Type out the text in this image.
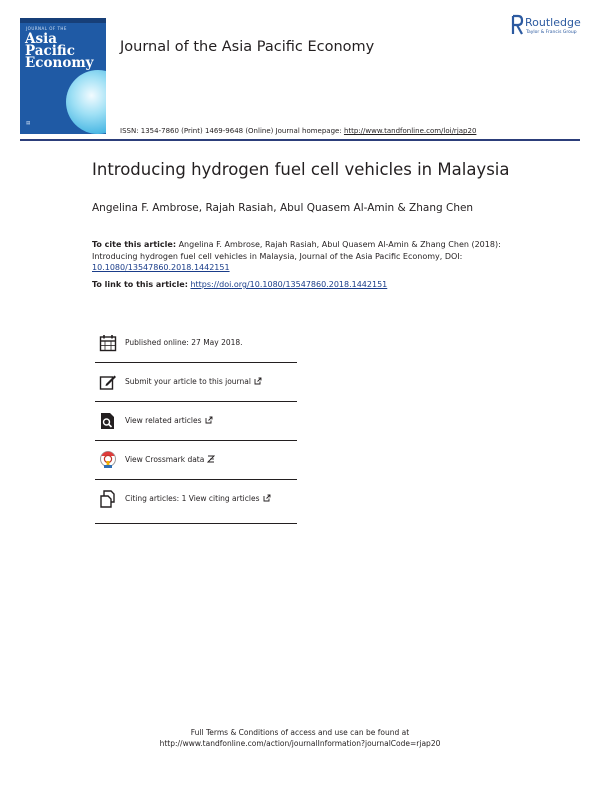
JOURNAL OF THE
Asia Pacific
Economy
▤
Journal of the Asia Pacific Economy
Routledge
Taylor & Francis Group
ISSN: 1354-7860 (Print) 1469-9648 (Online) Journal homepage: http://www.tandfonline.com/loi/rjap20
Introducing hydrogen fuel cell vehicles in Malaysia
Angelina F. Ambrose, Rajah Rasiah, Abul Quasem Al-Amin & Zhang Chen
To cite this article: Angelina F. Ambrose, Rajah Rasiah, Abul Quasem Al-Amin & Zhang Chen (2018): Introducing hydrogen fuel cell vehicles in Malaysia, Journal of the Asia Pacific Economy, DOI: 10.1080/13547860.2018.1442151
To link to this article: https://doi.org/10.1080/13547860.2018.1442151
Published online: 27 May 2018.
Submit your article to this journal
View related articles
View Crossmark data
Citing articles: 1 View citing articles
Full Terms & Conditions of access and use can be found at
http://www.tandfonline.com/action/journalInformation?journalCode=rjap20
